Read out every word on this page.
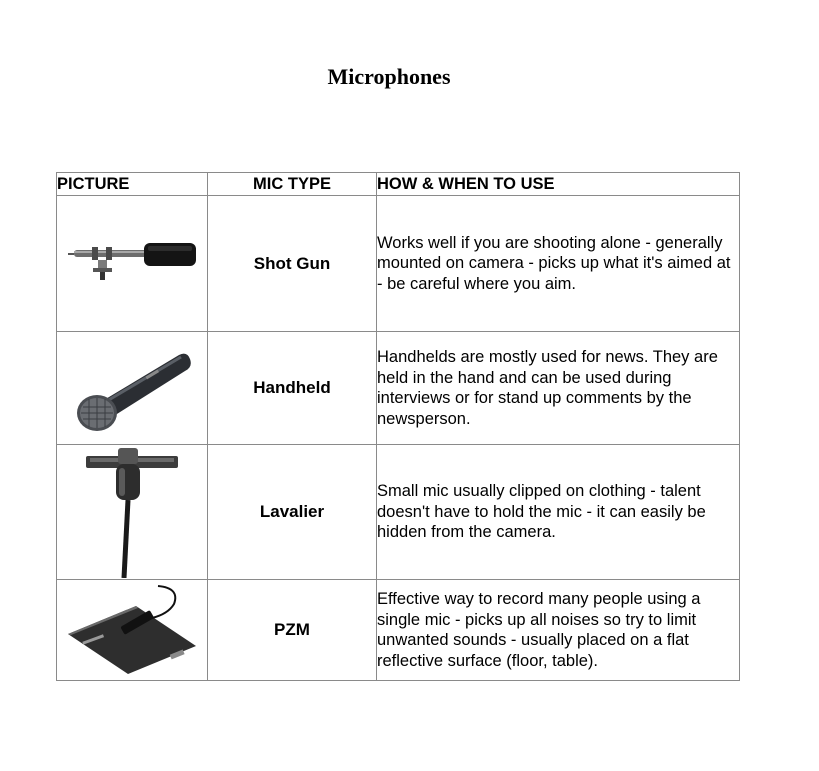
Microphones
PICTURE	MIC TYPE	HOW & WHEN TO USE

	Shot Gun	Works well if you are shooting alone - generally mounted on camera - picks up what it's aimed at - be careful where you aim.

	Handheld	Handhelds are mostly used for news. They are held in the hand and can be used during interviews or for stand up comments by the newsperson.

	Lavalier	Small mic usually clipped on clothing - talent doesn't have to hold the mic - it can easily be hidden from the camera.

	PZM	Effective way to record many people using a single mic - picks up all noises so try to limit unwanted sounds - usually placed on a flat reflective surface (floor, table).
